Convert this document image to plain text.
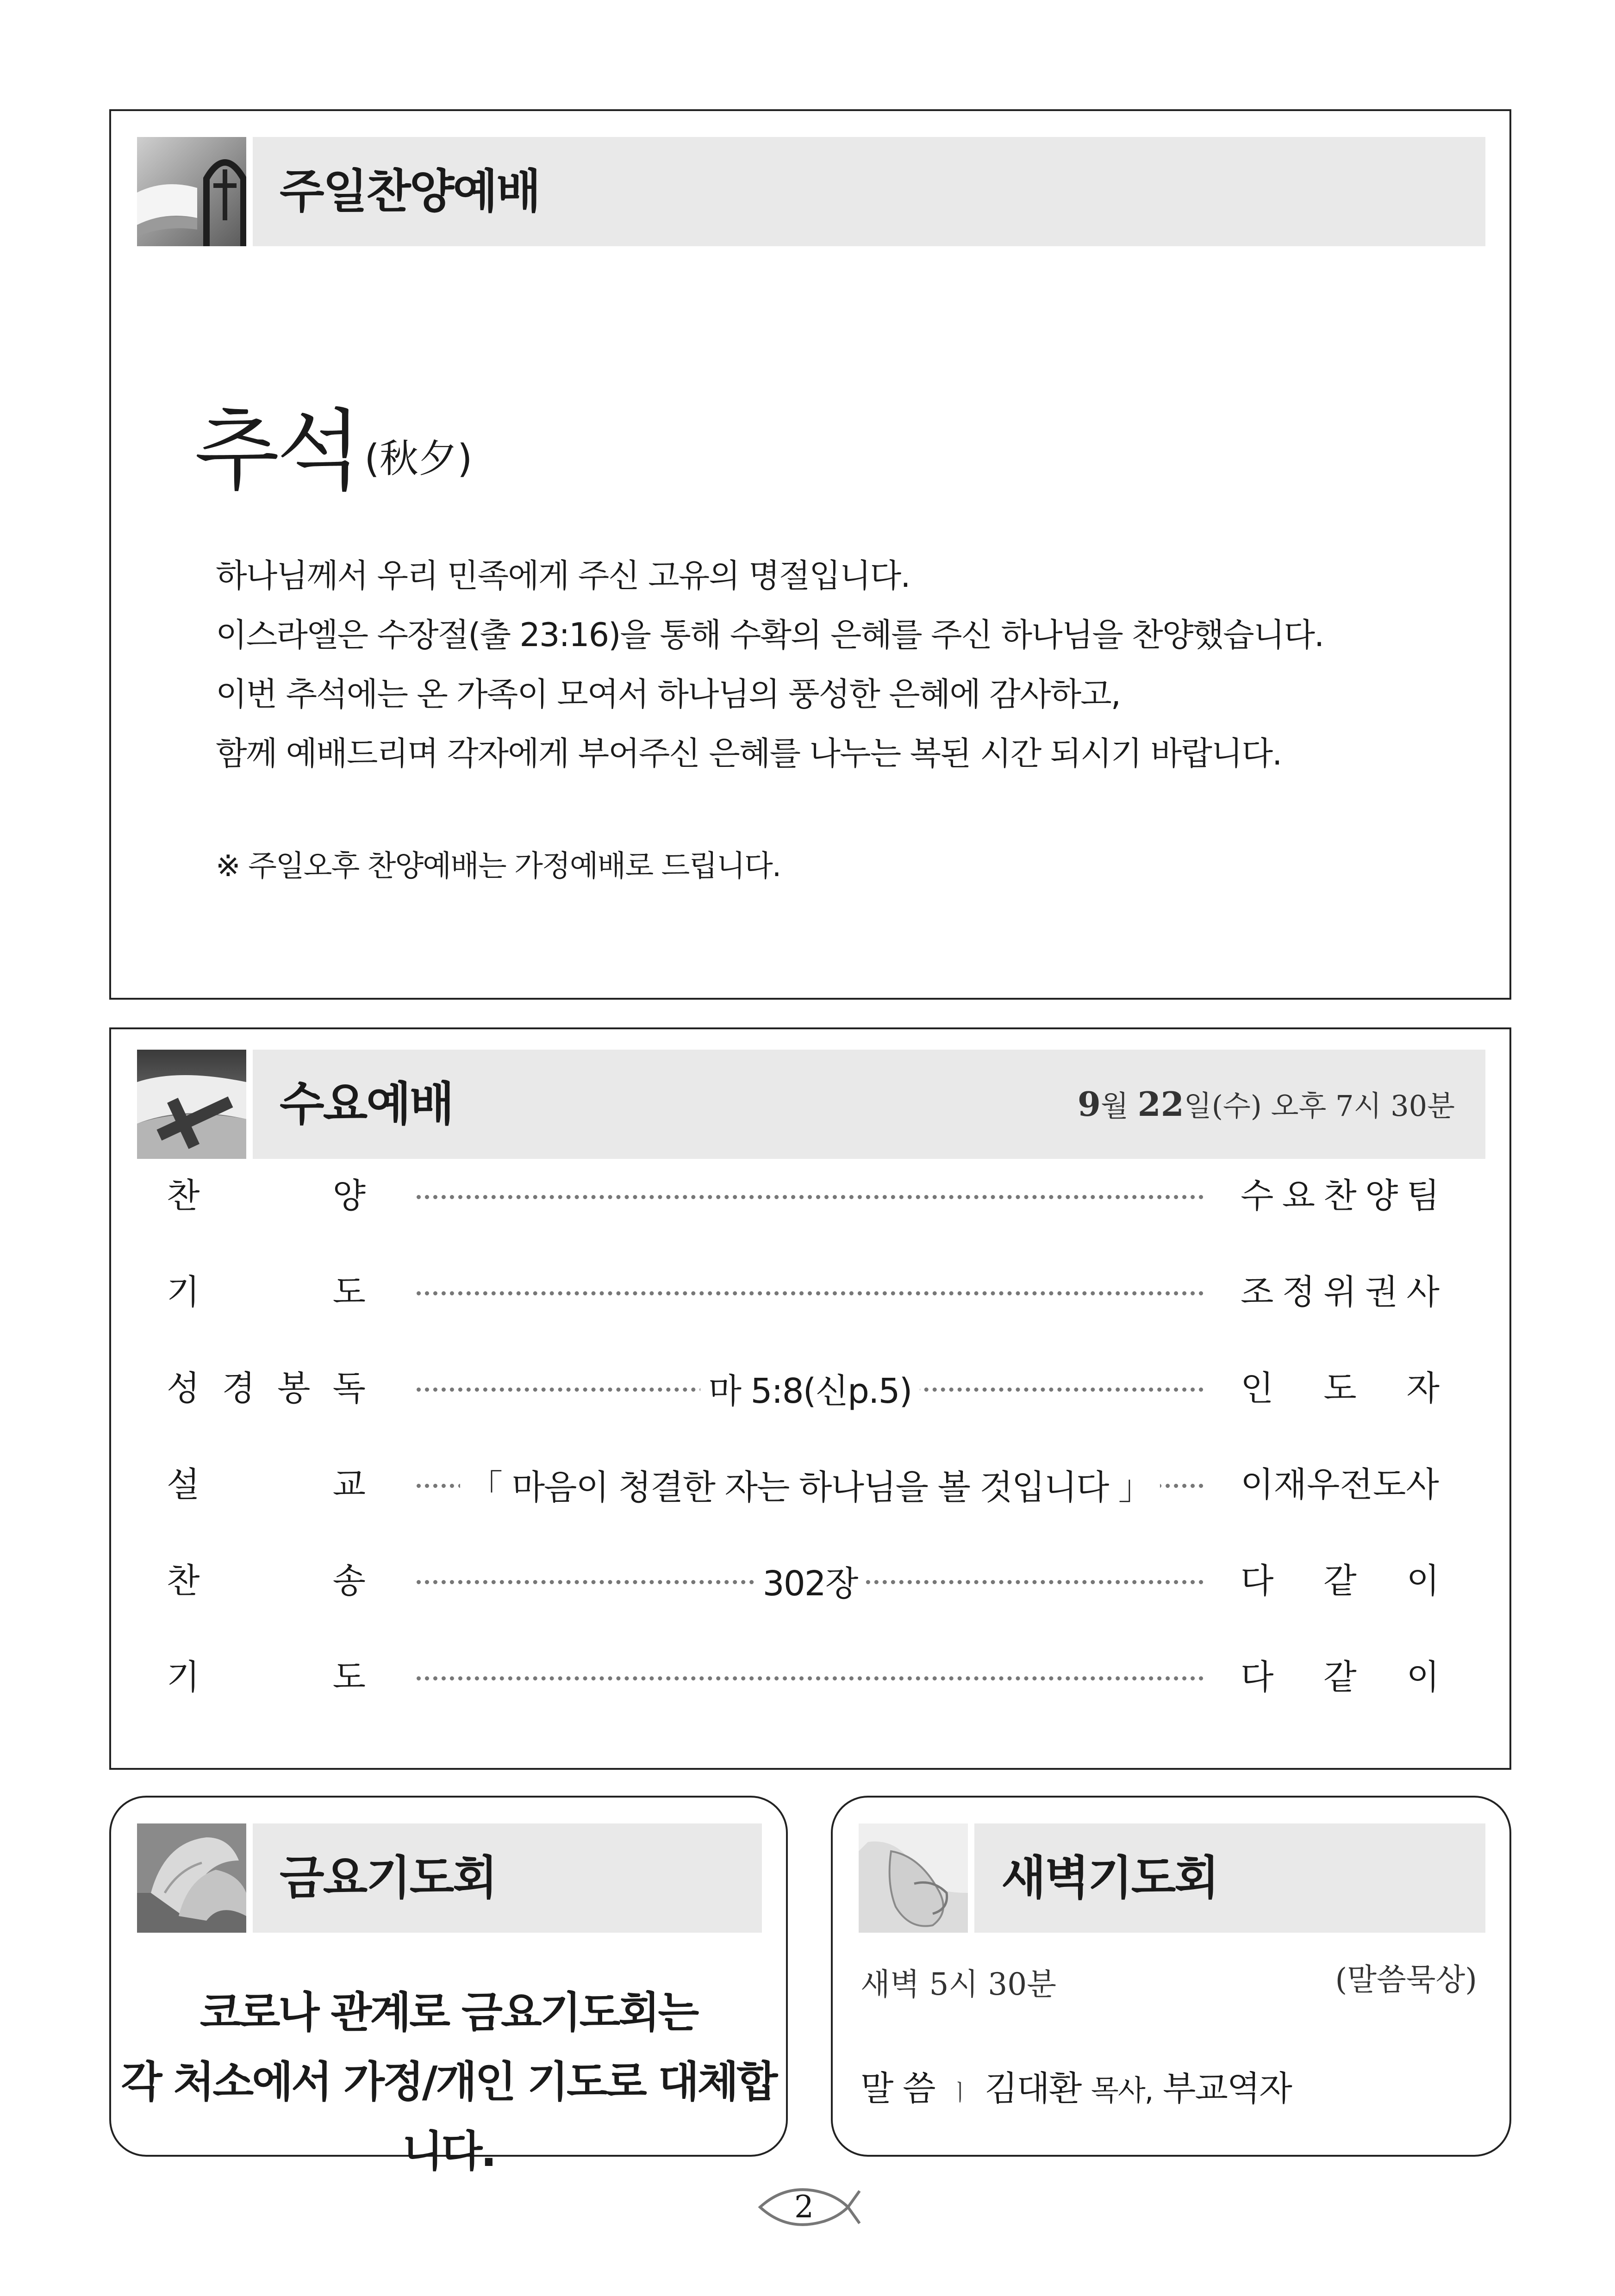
주일찬양예배
추석 (秋夕)
하나님께서 우리 민족에게 주신 고유의 명절입니다.
이스라엘은 수장절(출 23:16)을 통해 수확의 은혜를 주신 하나님을 찬양했습니다.
이번 추석에는 온 가족이 모여서 하나님의 풍성한 은혜에 감사하고,
함께 예배드리며 각자에게 부어주신 은혜를 나누는 복된 시간 되시기 바랍니다.
※ 주일오후 찬양예배는 가정예배로 드립니다.
수요예배	9월 22일(수) 오후 7시 30분
찬	양	수 요 찬 양 팀
기	도	조 정 위 권 사
성 경 봉 독	마 5:8(신p.5)	인 도 자
설	교	「 마음이 청결한 자는 하나님을 볼 것입니다 」	이재우전도사
찬	송	302장	다 같 이
기	도	다 같 이
금요기도회
코로나 관계로 금요기도회는
각 처소에서 가정/개인 기도로 대체합니다.
새벽기도회
새벽 5시 30분	(말씀묵상)
말 씀 ㅣ 김대환 목사, 부교역자
2
